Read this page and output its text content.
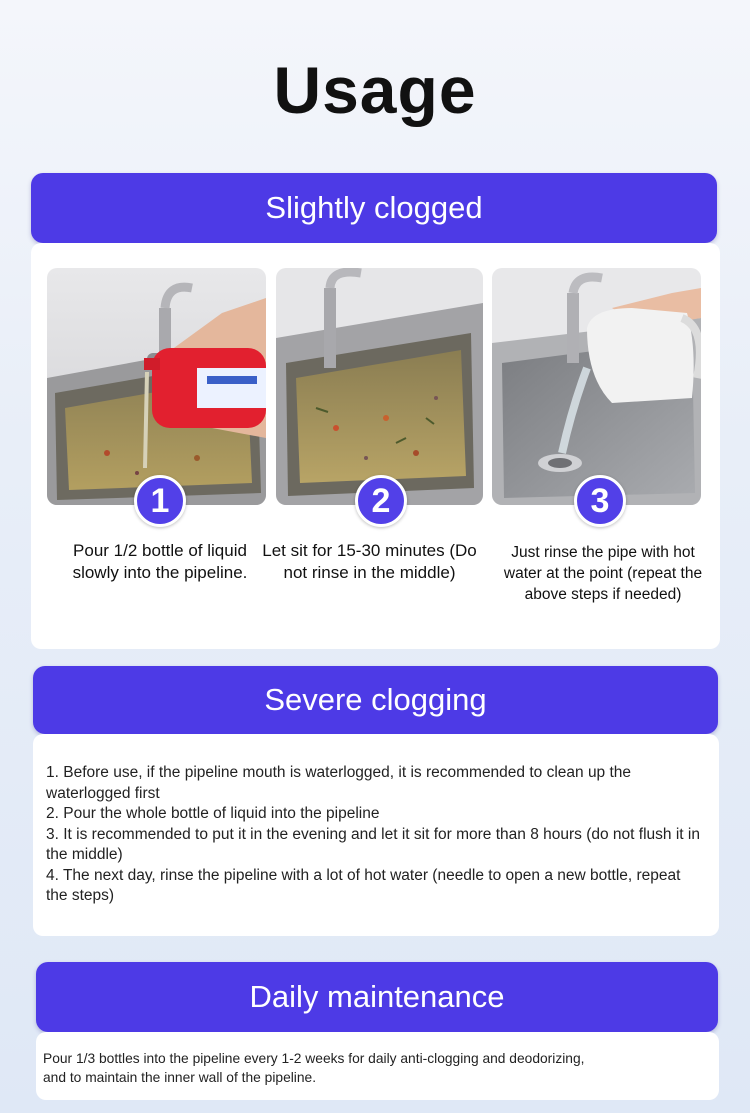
Usage
Slightly clogged
1	2	3
Pour 1/2 bottle of liquid slowly into the pipeline.
Let sit for 15-30 minutes (Do not rinse in the middle)
Just rinse the pipe with hot water at the point (repeat the above steps if needed)
Severe clogging

1. Before use, if the pipeline mouth is waterlogged, it is recommended to clean up the waterlogged first

2. Pour the whole bottle of liquid into the pipeline

3. It is recommended to put it in the evening and let it sit for more than 8 hours (do not flush it in the middle)

4. The next day, rinse the pipeline with a lot of hot water (needle to open a new bottle, repeat the steps)

Daily maintenance
Pour 1/3 bottles into the pipeline every 1-2 weeks for daily anti-clogging and deodorizing, and to maintain the inner wall of the pipeline.
